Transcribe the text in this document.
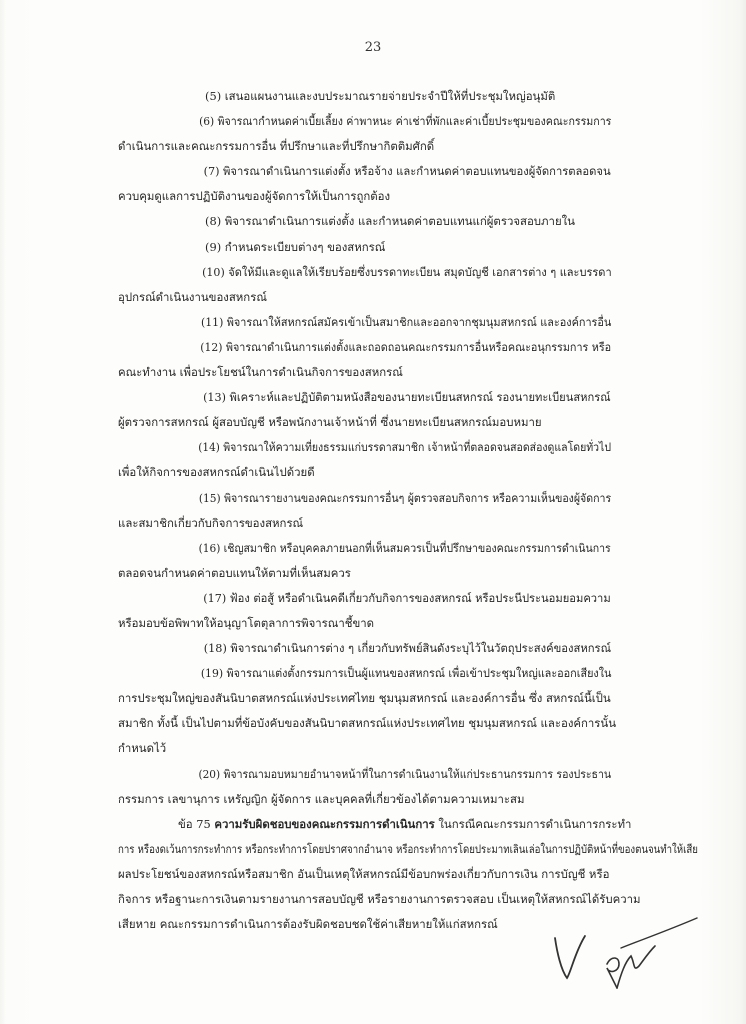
23

(5) เสนอแผนงานและงบประมาณรายจ่ายประจำปีให้ที่ประชุมใหญ่อนุมัติ

(6) พิจารณากำหนดค่าเบี้ยเลี้ยง ค่าพาหนะ ค่าเช่าที่พักและค่าเบี้ยประชุมของคณะกรรมการ
ดำเนินการและคณะกรรมการอื่น ที่ปรึกษาและที่ปรึกษากิตติมศักดิ์

(7) พิจารณาดำเนินการแต่งตั้ง หรือจ้าง และกำหนดค่าตอบแทนของผู้จัดการตลอดจน
ควบคุมดูแลการปฏิบัติงานของผู้จัดการให้เป็นการถูกต้อง

(8) พิจารณาดำเนินการแต่งตั้ง และกำหนดค่าตอบแทนแก่ผู้ตรวจสอบภายใน

(9) กำหนดระเบียบต่างๆ ของสหกรณ์

(10) จัดให้มีและดูแลให้เรียบร้อยซึ่งบรรดาทะเบียน สมุดบัญชี เอกสารต่าง ๆ และบรรดา
อุปกรณ์ดำเนินงานของสหกรณ์

(11) พิจารณาให้สหกรณ์สมัครเข้าเป็นสมาชิกและออกจากชุมนุมสหกรณ์ และองค์การอื่น

(12) พิจารณาดำเนินการแต่งตั้งและถอดถอนคณะกรรมการอื่นหรือคณะอนุกรรมการ หรือ
คณะทำงาน เพื่อประโยชน์ในการดำเนินกิจการของสหกรณ์

(13) พิเคราะห์และปฏิบัติตามหนังสือของนายทะเบียนสหกรณ์ รองนายทะเบียนสหกรณ์
ผู้ตรวจการสหกรณ์ ผู้สอบบัญชี หรือพนักงานเจ้าหน้าที่ ซึ่งนายทะเบียนสหกรณ์มอบหมาย

(14) พิจารณาให้ความเที่ยงธรรมแก่บรรดาสมาชิก เจ้าหน้าที่ตลอดจนสอดส่องดูแลโดยทั่วไป
เพื่อให้กิจการของสหกรณ์ดำเนินไปด้วยดี

(15) พิจารณารายงานของคณะกรรมการอื่นๆ ผู้ตรวจสอบกิจการ หรือความเห็นของผู้จัดการ
และสมาชิกเกี่ยวกับกิจการของสหกรณ์

(16) เชิญสมาชิก หรือบุคคลภายนอกที่เห็นสมควรเป็นที่ปรึกษาของคณะกรรมการดำเนินการ
ตลอดจนกำหนดค่าตอบแทนให้ตามที่เห็นสมควร

(17) ฟ้อง ต่อสู้ หรือดำเนินคดีเกี่ยวกับกิจการของสหกรณ์ หรือประนีประนอมยอมความ
หรือมอบข้อพิพาทให้อนุญาโตตุลาการพิจารณาชี้ขาด

(18) พิจารณาดำเนินการต่าง ๆ เกี่ยวกับทรัพย์สินดังระบุไว้ในวัตถุประสงค์ของสหกรณ์

(19) พิจารณาแต่งตั้งกรรมการเป็นผู้แทนของสหกรณ์ เพื่อเข้าประชุมใหญ่และออกเสียงใน
การประชุมใหญ่ของสันนิบาตสหกรณ์แห่งประเทศไทย ชุมนุมสหกรณ์ และองค์การอื่น ซึ่ง สหกรณ์นี้เป็น
สมาชิก ทั้งนี้ เป็นไปตามที่ข้อบังคับของสันนิบาตสหกรณ์แห่งประเทศไทย ชุมนุมสหกรณ์ และองค์การนั้น
กำหนดไว้

(20) พิจารณามอบหมายอำนาจหน้าที่ในการดำเนินงานให้แก่ประธานกรรมการ รองประธาน
กรรมการ เลขานุการ เหรัญญิก ผู้จัดการ และบุคคลที่เกี่ยวข้องได้ตามความเหมาะสม

ข้อ 75 ความรับผิดชอบของคณะกรรมการดำเนินการ ในกรณีคณะกรรมการดำเนินการกระทำ
การ หรืองดเว้นการกระทำการ หรือกระทำการโดยปราศจากอำนาจ หรือกระทำการโดยประมาทเลินเล่อในการปฏิบัติหน้าที่ของตนจนทำให้เสีย
ผลประโยชน์ของสหกรณ์หรือสมาชิก อันเป็นเหตุให้สหกรณ์มีข้อบกพร่องเกี่ยวกับการเงิน การบัญชี หรือ
กิจการ หรือฐานะการเงินตามรายงานการสอบบัญชี หรือรายงานการตรวจสอบ เป็นเหตุให้สหกรณ์ได้รับความ
เสียหาย คณะกรรมการดำเนินการต้องรับผิดชอบชดใช้ค่าเสียหายให้แก่สหกรณ์
